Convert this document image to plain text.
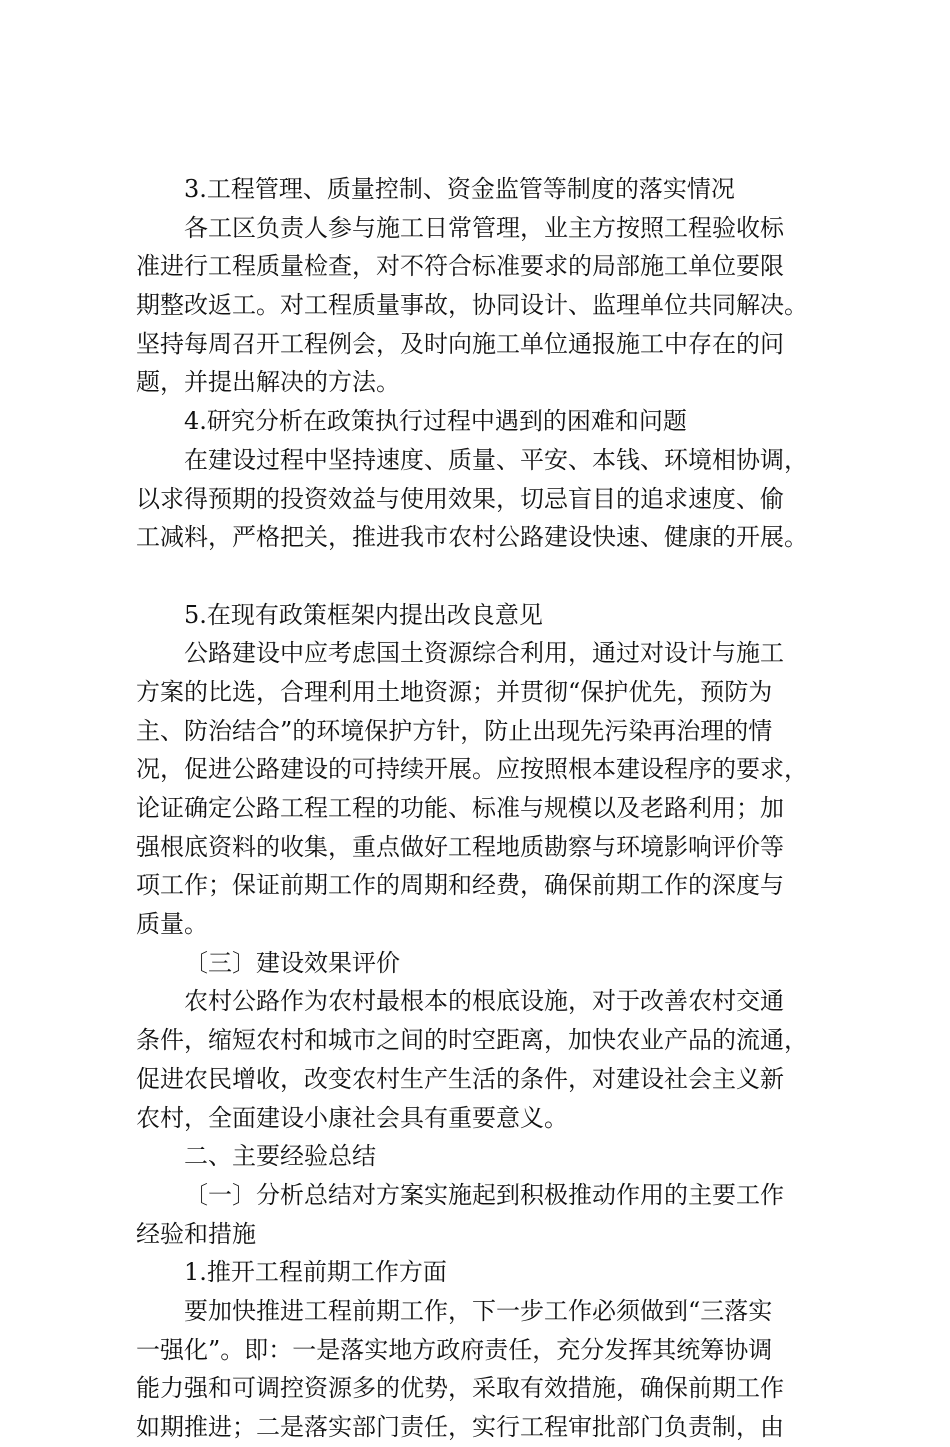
3.工程管理、质量控制、资金监管等制度的落实情况
各工区负责人参与施工日常管理，业主方按照工程验收标
准进行工程质量检查，对不符合标准要求的局部施工单位要限
期整改返工。对工程质量事故，协同设计、监理单位共同解决。
坚持每周召开工程例会，及时向施工单位通报施工中存在的问
题，并提出解决的方法。
4.研究分析在政策执行过程中遇到的困难和问题
在建设过程中坚持速度、质量、平安、本钱、环境相协调，
以求得预期的投资效益与使用效果，切忌盲目的追求速度、偷
工减料，严格把关，推进我市农村公路建设快速、健康的开展。
5.在现有政策框架内提出改良意见
公路建设中应考虑国土资源综合利用，通过对设计与施工
方案的比选，合理利用土地资源；并贯彻“保护优先，预防为
主、防治结合”的环境保护方针，防止出现先污染再治理的情
况，促进公路建设的可持续开展。应按照根本建设程序的要求，
论证确定公路工程工程的功能、标准与规模以及老路利用；加
强根底资料的收集，重点做好工程地质勘察与环境影响评价等
项工作；保证前期工作的周期和经费，确保前期工作的深度与
质量。
〔三〕建设效果评价
农村公路作为农村最根本的根底设施，对于改善农村交通
条件，缩短农村和城市之间的时空距离，加快农业产品的流通，
促进农民增收，改变农村生产生活的条件，对建设社会主义新
农村，全面建设小康社会具有重要意义。
二、主要经验总结
〔一〕分析总结对方案实施起到积极推动作用的主要工作
经验和措施
1.推开工程前期工作方面
要加快推进工程前期工作，下一步工作必须做到“三落实
一强化”。即：一是落实地方政府责任，充分发挥其统筹协调
能力强和可调控资源多的优势，采取有效措施，确保前期工作
如期推进；二是落实部门责任，实行工程审批部门负责制，由
